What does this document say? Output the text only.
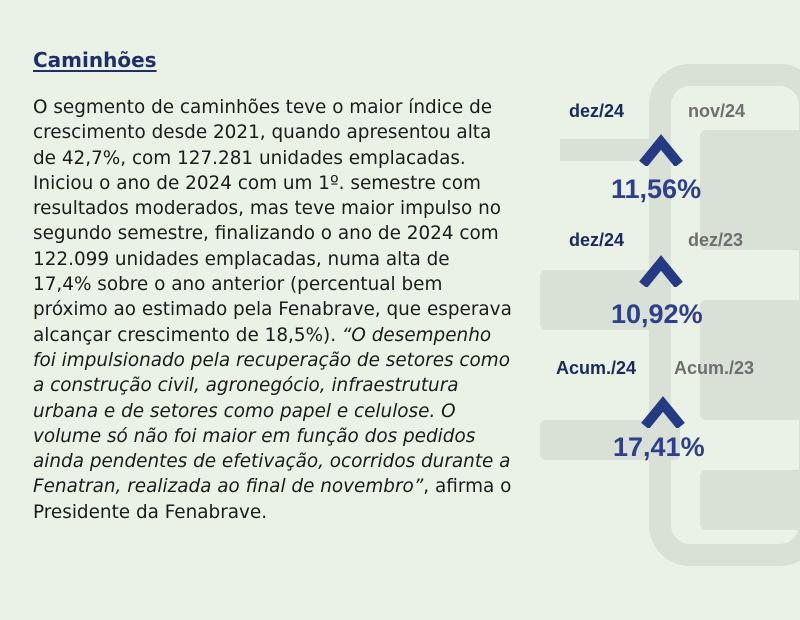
Caminhões

O segmento de caminhões teve o maior índice de crescimento desde 2021, quando apresentou alta de 42,7%, com 127.281 unidades emplacadas. Iniciou o ano de 2024 com um 1º. semestre com resultados moderados, mas teve maior impulso no segundo semestre, finalizando o ano de 2024 com 122.099 unidades emplacadas, numa alta de 17,4% sobre o ano anterior (percentual bem próximo ao estimado pela Fenabrave, que esperava alcançar crescimento de 18,5%). “O desempenho foi impulsionado pela recuperação de setores como a construção civil, agronegócio, infraestrutura urbana e de setores como papel e celulose. O volume só não foi maior em função dos pedidos ainda pendentes de efetivação, ocorridos durante a Fenatran, realizada ao final de novembro”, afirma o Presidente da Fenabrave.

dez/24	nov/24
11,56%
dez/24	dez/23
10,92%
Acum./24 Acum./23
17,41%
